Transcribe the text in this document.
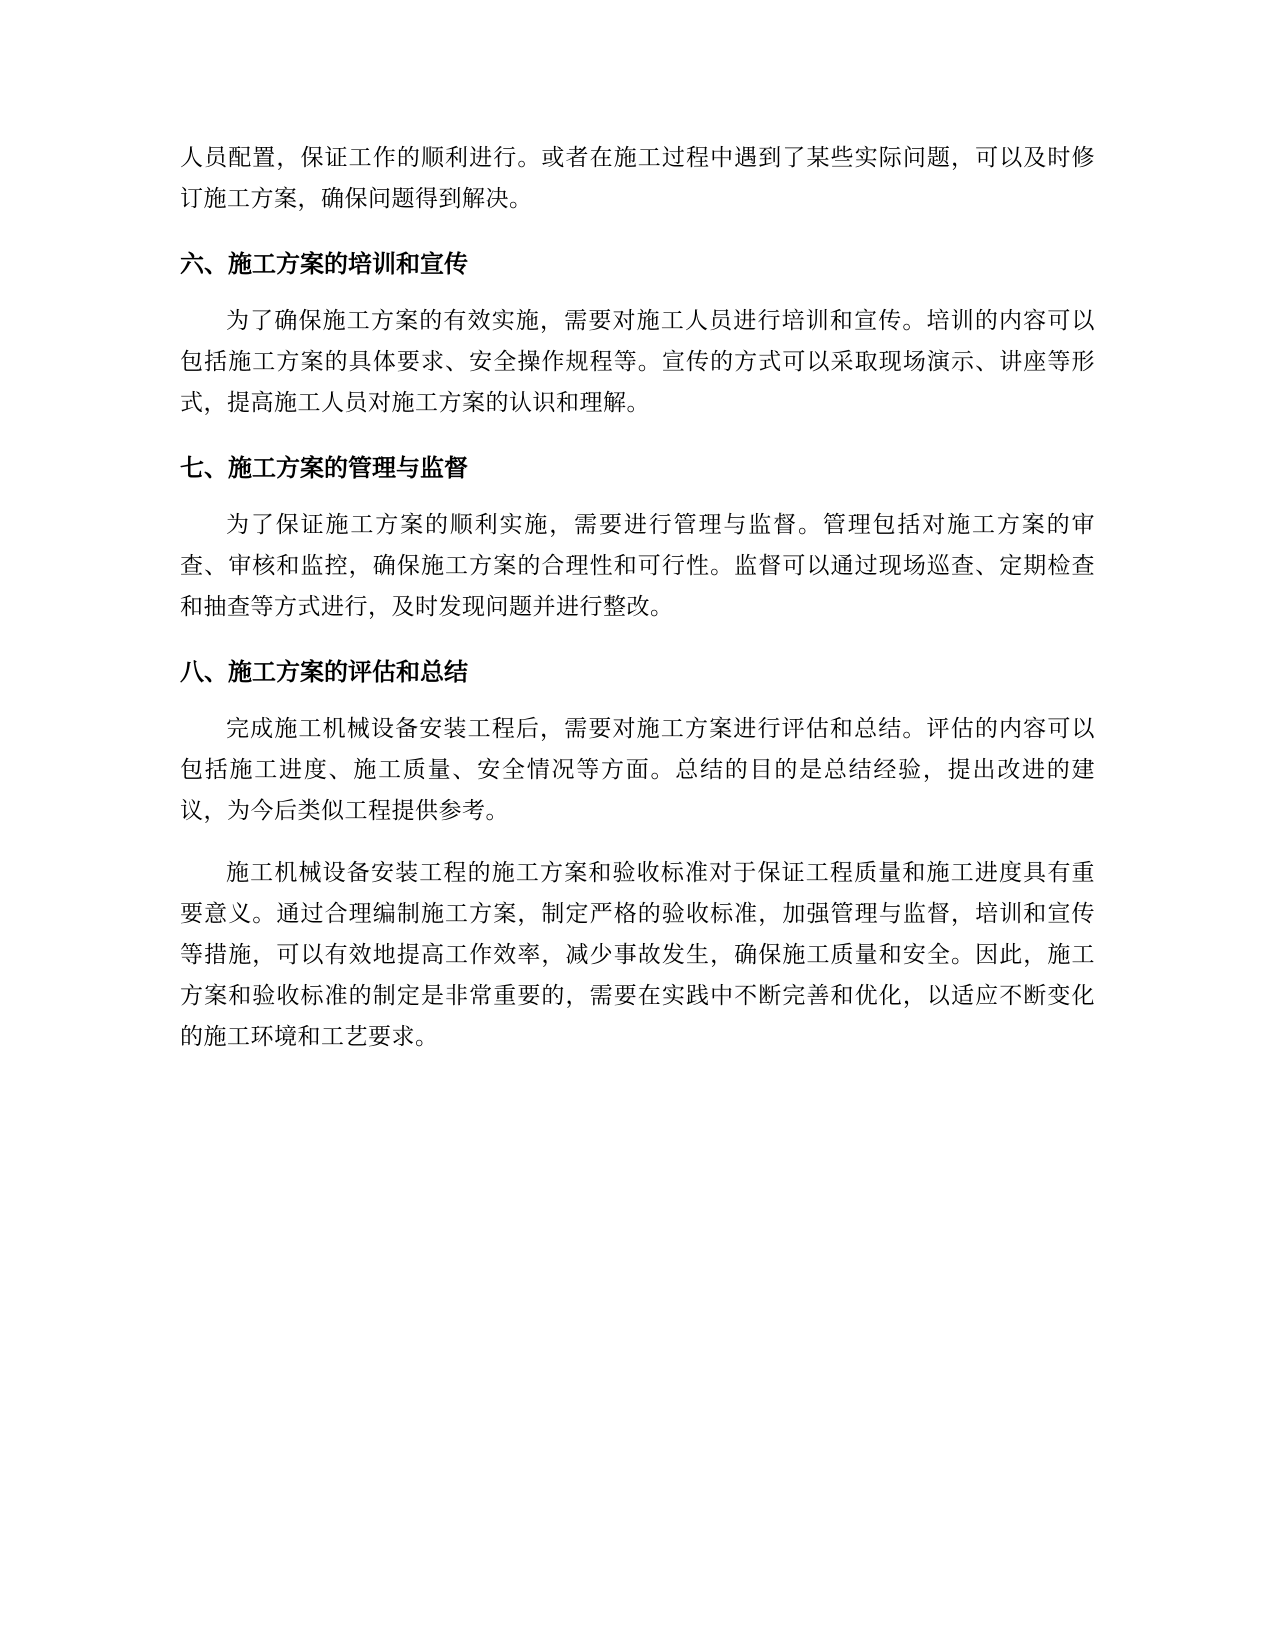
人员配置，保证工作的顺利进行。或者在施工过程中遇到了某些实际问题，可以及时修订施工方案，确保问题得到解决。

六、施工方案的培训和宣传

为了确保施工方案的有效实施，需要对施工人员进行培训和宣传。培训的内容可以包括施工方案的具体要求、安全操作规程等。宣传的方式可以采取现场演示、讲座等形式，提高施工人员对施工方案的认识和理解。

七、施工方案的管理与监督

为了保证施工方案的顺利实施，需要进行管理与监督。管理包括对施工方案的审查、审核和监控，确保施工方案的合理性和可行性。监督可以通过现场巡查、定期检查和抽查等方式进行，及时发现问题并进行整改。

八、施工方案的评估和总结

完成施工机械设备安装工程后，需要对施工方案进行评估和总结。评估的内容可以包括施工进度、施工质量、安全情况等方面。总结的目的是总结经验，提出改进的建议，为今后类似工程提供参考。

施工机械设备安装工程的施工方案和验收标准对于保证工程质量和施工进度具有重要意义。通过合理编制施工方案，制定严格的验收标准，加强管理与监督，培训和宣传等措施，可以有效地提高工作效率，减少事故发生，确保施工质量和安全。因此，施工方案和验收标准的制定是非常重要的，需要在实践中不断完善和优化，以适应不断变化的施工环境和工艺要求。
